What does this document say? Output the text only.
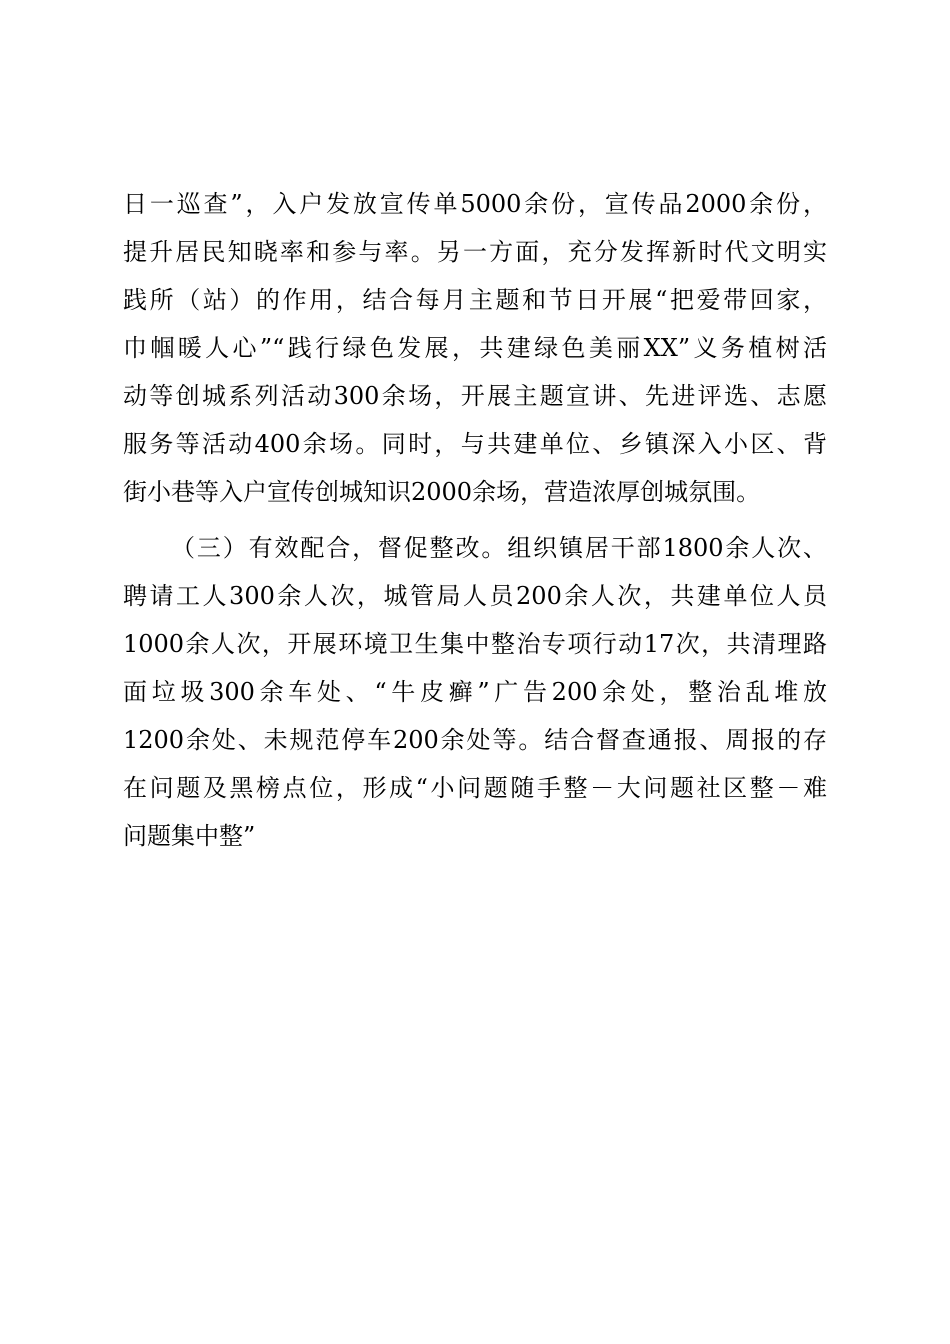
日一巡查”，入户发放宣传单5000余份，宣传品2000余份，
提升居民知晓率和参与率。另一方面，充分发挥新时代文明实
践所（站）的作用，结合每月主题和节日开展“把爱带回家，
巾帼暖人心”“践行绿色发展，共建绿色美丽XX”义务植树活
动等创城系列活动300余场，开展主题宣讲、先进评选、志愿
服务等活动400余场。同时，与共建单位、乡镇深入小区、背
街小巷等入户宣传创城知识2000余场，营造浓厚创城氛围。
（三）有效配合，督促整改。组织镇居干部1800余人次、
聘请工人300余人次，城管局人员200余人次，共建单位人员
1000余人次，开展环境卫生集中整治专项行动17次，共清理路
面垃圾300余车处、“牛皮癣”广告200余处，整治乱堆放
1200余处、未规范停车200余处等。结合督查通报、周报的存
在问题及黑榜点位，形成“小问题随手整－大问题社区整－难
问题集中整”
